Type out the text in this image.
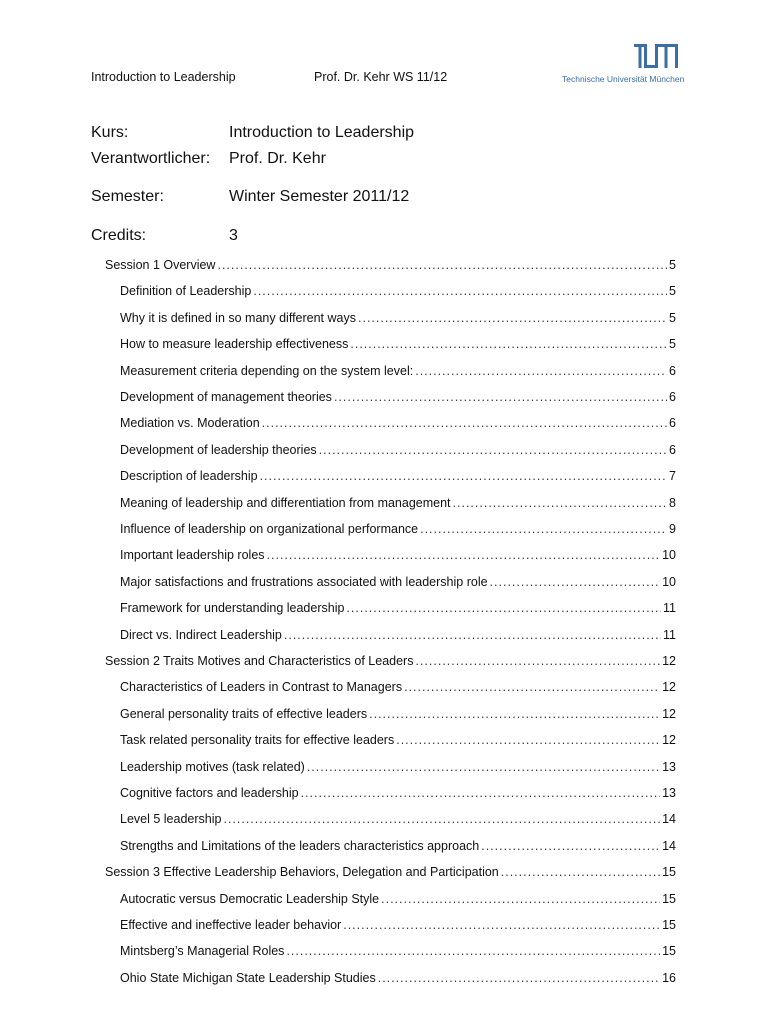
Introduction to Leadership	Prof. Dr. Kehr WS 11/12	Technische Universität München
Kurs:	Introduction to Leadership
Verantwortlicher: Prof. Dr. Kehr
Semester:	Winter Semester 2011/12
Credits:	3
Session 1 Overview .....	5
Definition of Leadership .....	5
Why it is defined in so many different ways .....	5
How to measure leadership effectiveness .....	5
Measurement criteria depending on the system level: .....	6
Development of management theories .....	6
Mediation vs. Moderation .....	6
Development of leadership theories .....	6
Description of leadership .....	7
Meaning of leadership and differentiation from management .....	8
Influence of leadership on organizational performance .....	9
Important leadership roles .....	10
Major satisfactions and frustrations associated with leadership role .....	10
Framework for understanding leadership .....	11
Direct vs. Indirect Leadership .....	11
Session 2 Traits Motives and Characteristics of Leaders .....	12
Characteristics of Leaders in Contrast to Managers .....	12
General personality traits of effective leaders .....	12
Task related personality traits for effective leaders .....	12
Leadership motives (task related) .....	13
Cognitive factors and leadership .....	13
Level 5 leadership .....	14
Strengths and Limitations of the leaders characteristics approach .....	14
Session 3 Effective Leadership Behaviors, Delegation and Participation .....	15
Autocratic versus Democratic Leadership Style .....	15
Effective and ineffective leader behavior .....	15
Mintsberg’s Managerial Roles .....	15
Ohio State Michigan State Leadership Studies .....	16
